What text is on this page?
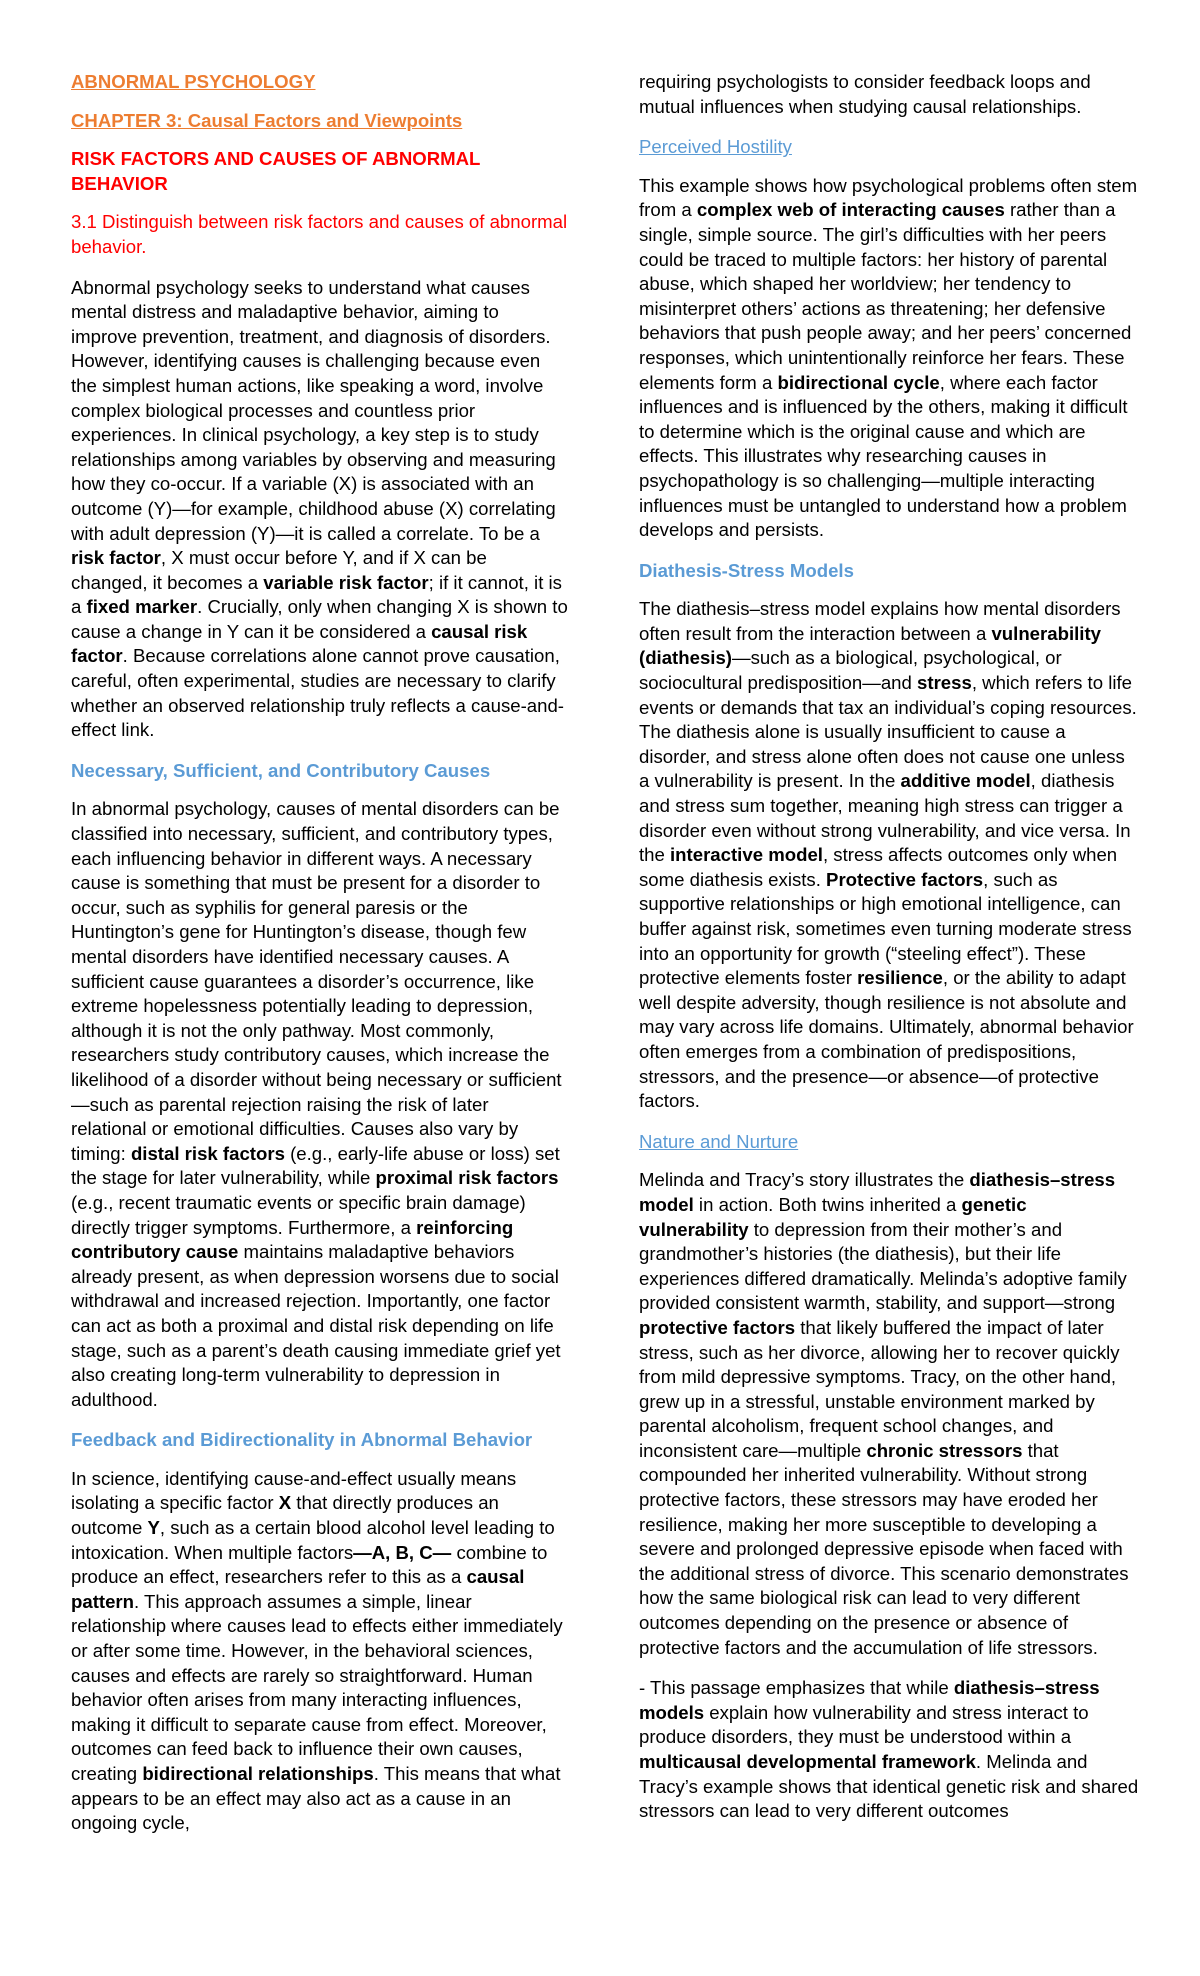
ABNORMAL PSYCHOLOGY

CHAPTER 3: Causal Factors and Viewpoints

RISK FACTORS AND CAUSES OF ABNORMAL BEHAVIOR

3.1 Distinguish between risk factors and causes of abnormal behavior.

Abnormal psychology seeks to understand what causes mental distress and maladaptive behavior, aiming to improve prevention, treatment, and diagnosis of disorders. However, identifying causes is challenging because even the simplest human actions, like speaking a word, involve complex biological processes and countless prior experiences. In clinical psychology, a key step is to study relationships among variables by observing and measuring how they co-occur. If a variable (X) is associated with an outcome (Y)—for example, childhood abuse (X) correlating with adult depression (Y)—it is called a correlate. To be a risk factor, X must occur before Y, and if X can be changed, it becomes a variable risk factor; if it cannot, it is a fixed marker. Crucially, only when changing X is shown to cause a change in Y can it be considered a causal risk factor. Because correlations alone cannot prove causation, careful, often experimental, studies are necessary to clarify whether an observed relationship truly reflects a cause-and-effect link.

Necessary, Sufficient, and Contributory Causes

In abnormal psychology, causes of mental disorders can be classified into necessary, sufficient, and contributory types, each influencing behavior in different ways. A necessary cause is something that must be present for a disorder to occur, such as syphilis for general paresis or the Huntington’s gene for Huntington’s disease, though few mental disorders have identified necessary causes. A sufficient cause guarantees a disorder’s occurrence, like extreme hopelessness potentially leading to depression, although it is not the only pathway. Most commonly, researchers study contributory causes, which increase the likelihood of a disorder without being necessary or sufficient—such as parental rejection raising the risk of later relational or emotional difficulties. Causes also vary by timing: distal risk factors (e.g., early-life abuse or loss) set the stage for later vulnerability, while proximal risk factors (e.g., recent traumatic events or specific brain damage) directly trigger symptoms. Furthermore, a reinforcing contributory cause maintains maladaptive behaviors already present, as when depression worsens due to social withdrawal and increased rejection. Importantly, one factor can act as both a proximal and distal risk depending on life stage, such as a parent’s death causing immediate grief yet also creating long-term vulnerability to depression in adulthood.

Feedback and Bidirectionality in Abnormal Behavior

In science, identifying cause-and-effect usually means isolating a specific factor X that directly produces an outcome Y, such as a certain blood alcohol level leading to intoxication. When multiple factors—A, B, C— combine to produce an effect, researchers refer to this as a causal pattern. This approach assumes a simple, linear relationship where causes lead to effects either immediately or after some time. However, in the behavioral sciences, causes and effects are rarely so straightforward. Human behavior often arises from many interacting influences, making it difficult to separate cause from effect. Moreover, outcomes can feed back to influence their own causes, creating bidirectional relationships. This means that what appears to be an effect may also act as a cause in an ongoing cycle,

requiring psychologists to consider feedback loops and mutual influences when studying causal relationships.

Perceived Hostility

This example shows how psychological problems often stem from a complex web of interacting causes rather than a single, simple source. The girl’s difficulties with her peers could be traced to multiple factors: her history of parental abuse, which shaped her worldview; her tendency to misinterpret others’ actions as threatening; her defensive behaviors that push people away; and her peers’ concerned responses, which unintentionally reinforce her fears. These elements form a bidirectional cycle, where each factor influences and is influenced by the others, making it difficult to determine which is the original cause and which are effects. This illustrates why researching causes in psychopathology is so challenging—multiple interacting influences must be untangled to understand how a problem develops and persists.

Diathesis-Stress Models

The diathesis–stress model explains how mental disorders often result from the interaction between a vulnerability (diathesis)—such as a biological, psychological, or sociocultural predisposition—and stress, which refers to life events or demands that tax an individual’s coping resources. The diathesis alone is usually insufficient to cause a disorder, and stress alone often does not cause one unless a vulnerability is present. In the additive model, diathesis and stress sum together, meaning high stress can trigger a disorder even without strong vulnerability, and vice versa. In the interactive model, stress affects outcomes only when some diathesis exists. Protective factors, such as supportive relationships or high emotional intelligence, can buffer against risk, sometimes even turning moderate stress into an opportunity for growth (“steeling effect”). These protective elements foster resilience, or the ability to adapt well despite adversity, though resilience is not absolute and may vary across life domains. Ultimately, abnormal behavior often emerges from a combination of predispositions, stressors, and the presence—or absence—of protective factors.

Nature and Nurture

Melinda and Tracy’s story illustrates the diathesis–stress model in action. Both twins inherited a genetic vulnerability to depression from their mother’s and grandmother’s histories (the diathesis), but their life experiences differed dramatically. Melinda’s adoptive family provided consistent warmth, stability, and support—strong protective factors that likely buffered the impact of later stress, such as her divorce, allowing her to recover quickly from mild depressive symptoms. Tracy, on the other hand, grew up in a stressful, unstable environment marked by parental alcoholism, frequent school changes, and inconsistent care—multiple chronic stressors that compounded her inherited vulnerability. Without strong protective factors, these stressors may have eroded her resilience, making her more susceptible to developing a severe and prolonged depressive episode when faced with the additional stress of divorce. This scenario demonstrates how the same biological risk can lead to very different outcomes depending on the presence or absence of protective factors and the accumulation of life stressors.

- This passage emphasizes that while diathesis–stress models explain how vulnerability and stress interact to produce disorders, they must be understood within a multicausal developmental framework. Melinda and Tracy’s example shows that identical genetic risk and shared stressors can lead to very different outcomes
